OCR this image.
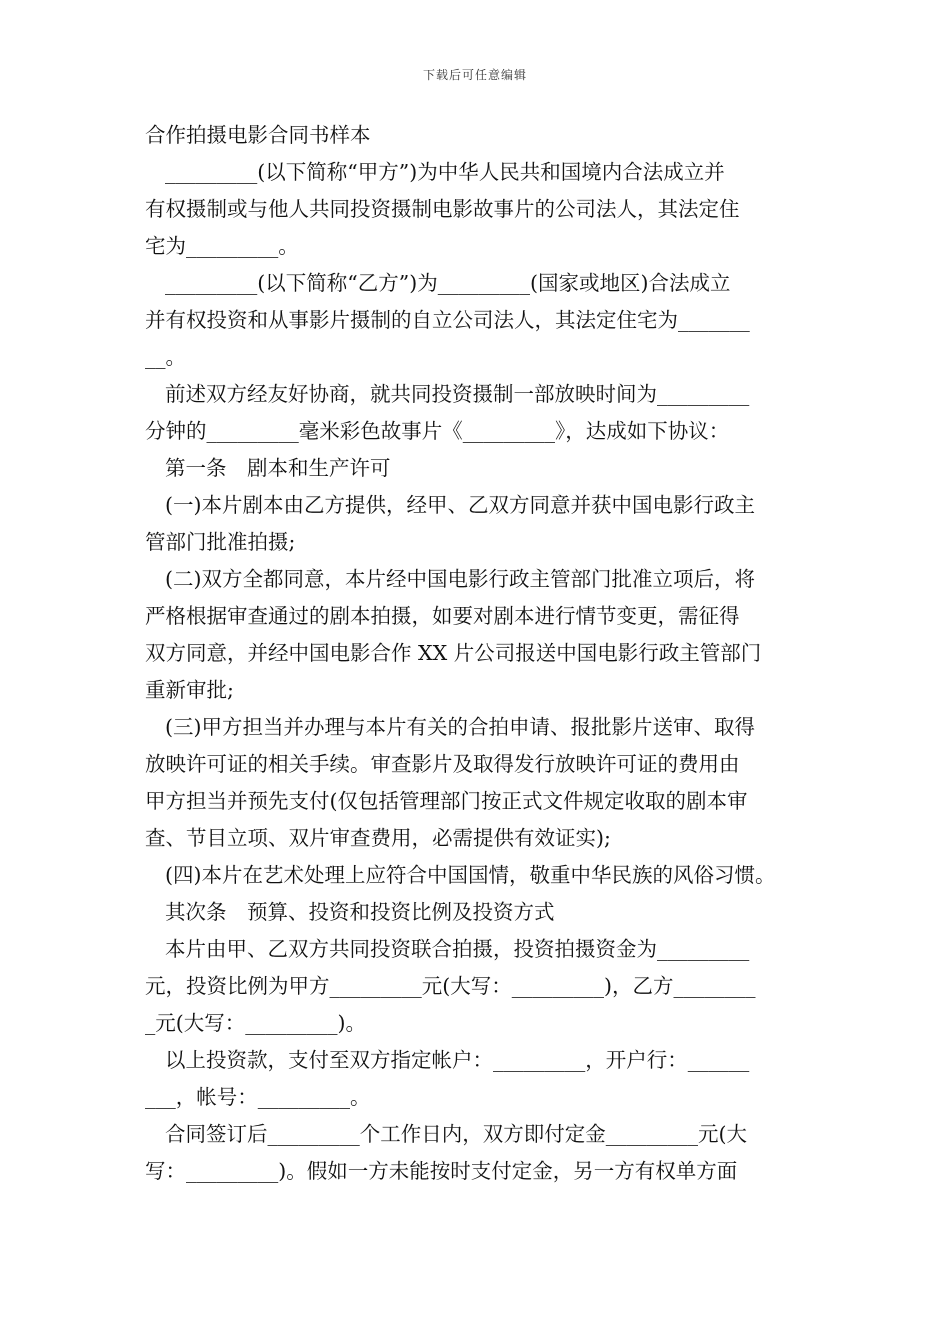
下载后可任意编辑
合作拍摄电影合同书样本
_________(以下简称“甲方”)为中华人民共和国境内合法成立并
有权摄制或与他人共同投资摄制电影故事片的公司法人，其法定住
宅为_________。
_________(以下简称“乙方”)为_________(国家或地区)合法成立
并有权投资和从事影片摄制的自立公司法人，其法定住宅为_______
__。
前述双方经友好协商，就共同投资摄制一部放映时间为_________
分钟的_________毫米彩色故事片《_________》，达成如下协议：
第一条　剧本和生产许可
(一)本片剧本由乙方提供，经甲、乙双方同意并获中国电影行政主
管部门批准拍摄;
(二)双方全都同意，本片经中国电影行政主管部门批准立项后，将
严格根据审查通过的剧本拍摄，如要对剧本进行情节变更，需征得
双方同意，并经中国电影合作 XX 片公司报送中国电影行政主管部门
重新审批;
(三)甲方担当并办理与本片有关的合拍申请、报批影片送审、取得
放映许可证的相关手续。审查影片及取得发行放映许可证的费用由
甲方担当并预先支付(仅包括管理部门按正式文件规定收取的剧本审
查、节目立项、双片审查费用，必需提供有效证实);
(四)本片在艺术处理上应符合中国国情，敬重中华民族的风俗习惯。
其次条　预算、投资和投资比例及投资方式
本片由甲、乙双方共同投资联合拍摄，投资拍摄资金为_________
元，投资比例为甲方_________元(大写：_________)，乙方________
_元(大写：_________)。
以上投资款，支付至双方指定帐户：_________，开户行：______
___，帐号：_________。
合同签订后_________个工作日内，双方即付定金_________元(大
写：_________)。假如一方未能按时支付定金，另一方有权单方面
